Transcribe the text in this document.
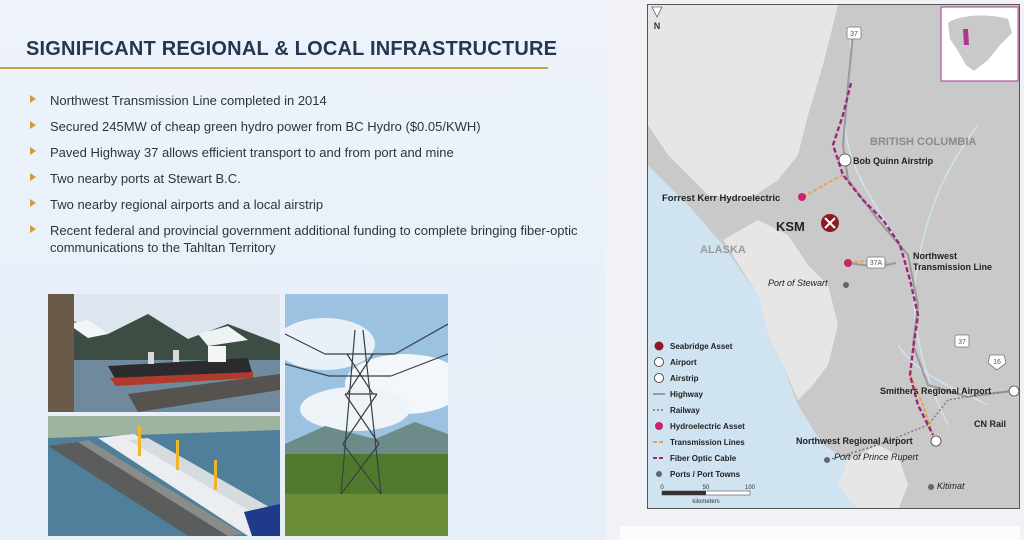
SIGNIFICANT REGIONAL & LOCAL INFRASTRUCTURE
Northwest Transmission Line completed in 2014
Secured 245MW of cheap green hydro power from BC Hydro ($0.05/KWH)
Paved Highway 37 allows efficient transport to and from port and mine
Two nearby ports at Stewart B.C.
Two nearby regional airports and a local airstrip
Recent federal and provincial government additional funding to complete bringing fiber-optic communications to the Tahltan Territory
37
37A
37
16
N
BRITISH COLUMBIA
ALASKA
Bob Quinn Airstrip
Forrest Kerr Hydroelectric
KSM
Northwest
Transmission Line
Port of Stewart
Smithers Regional Airport
CN Rail
Northwest Regional Airport
Port of Prince Rupert
Kitimat
Seabridge Asset
Airport
Airstrip
Highway
Railway
Hydroelectric Asset
Transmission Lines
Fiber Optic Cable
Ports / Port Towns
0	50	100
kilometers
